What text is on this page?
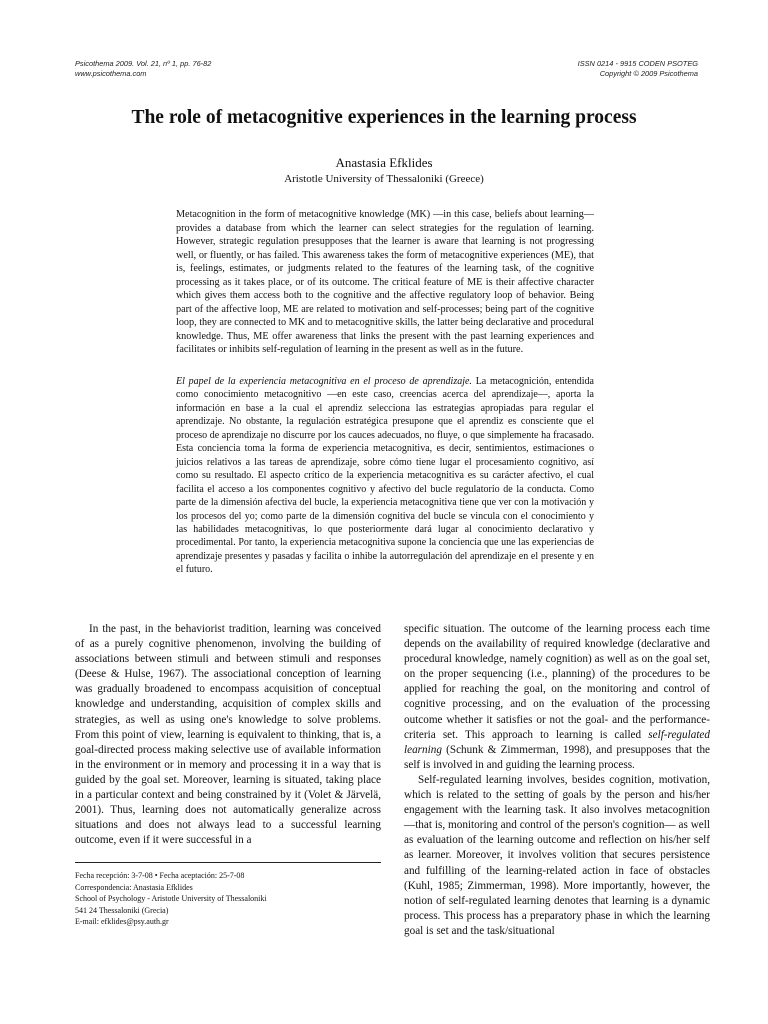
Psicothema 2009. Vol. 21, nº 1, pp. 76-82
www.psicothema.com
ISSN 0214 - 9915 CODEN PSOTEG
Copyright © 2009 Psicothema
The role of metacognitive experiences in the learning process

Anastasia Efklides

Aristotle University of Thessaloniki (Greece)

Metacognition in the form of metacognitive knowledge (MK) —in this case, beliefs about learning— provides a database from which the learner can select strategies for the regulation of learning. However, strategic regulation presupposes that the learner is aware that learning is not progressing well, or fluently, or has failed. This awareness takes the form of metacognitive experiences (ME), that is, feelings, estimates, or judgments related to the features of the learning task, of the cognitive processing as it takes place, or of its outcome. The critical feature of ME is their affective character which gives them access both to the cognitive and the affective regulatory loop of behavior. Being part of the affective loop, ME are related to motivation and self-processes; being part of the cognitive loop, they are connected to MK and to metacognitive skills, the latter being declarative and procedural knowledge. Thus, ME offer awareness that links the present with the past learning experiences and facilitates or inhibits self-regulation of learning in the present as well as in the future.

El papel de la experiencia metacognitiva en el proceso de aprendizaje. La metacognición, entendida como conocimiento metacognitivo —en este caso, creencias acerca del aprendizaje—, aporta la información en base a la cual el aprendiz selecciona las estrategias apropiadas para regular el aprendizaje. No obstante, la regulación estratégica presupone que el aprendiz es consciente que el proceso de aprendizaje no discurre por los cauces adecuados, no fluye, o que simplemente ha fracasado. Esta conciencia toma la forma de experiencia metacognitiva, es decir, sentimientos, estimaciones o juicios relativos a las tareas de aprendizaje, sobre cómo tiene lugar el procesamiento cognitivo, así como su resultado. El aspecto crítico de la experiencia metacognitiva es su carácter afectivo, el cual facilita el acceso a los componentes cognitivo y afectivo del bucle regulatorio de la conducta. Como parte de la dimensión afectiva del bucle, la experiencia metacognitiva tiene que ver con la motivación y los procesos del yo; como parte de la dimensión cognitiva del bucle se vincula con el conocimiento y las habilidades metacognitivas, lo que posteriormente dará lugar al conocimiento declarativo y procedimental. Por tanto, la experiencia metacognitiva supone la conciencia que une las experiencias de aprendizaje presentes y pasadas y facilita o inhibe la autorregulación del aprendizaje en el presente y en el futuro.

In the past, in the behaviorist tradition, learning was conceived of as a purely cognitive phenomenon, involving the building of associations between stimuli and between stimuli and responses (Deese & Hulse, 1967). The associational conception of learning was gradually broadened to encompass acquisition of conceptual knowledge and understanding, acquisition of complex skills and strategies, as well as using one's knowledge to solve problems. From this point of view, learning is equivalent to thinking, that is, a goal-directed process making selective use of available information in the environment or in memory and processing it in a way that is guided by the goal set. Moreover, learning is situated, taking place in a particular context and being constrained by it (Volet & Järvelä, 2001). Thus, learning does not automatically generalize across situations and does not always lead to a successful learning outcome, even if it were successful in a

Fecha recepción: 3-7-08 • Fecha aceptación: 25-7-08
Correspondencia: Anastasia Efklides
School of Psychology - Aristotle University of Thessaloniki
541 24 Thessaloniki (Grecia)
E-mail: efklides@psy.auth.gr

specific situation. The outcome of the learning process each time depends on the availability of required knowledge (declarative and procedural knowledge, namely cognition) as well as on the goal set, on the proper sequencing (i.e., planning) of the procedures to be applied for reaching the goal, on the monitoring and control of cognitive processing, and on the evaluation of the processing outcome whether it satisfies or not the goal- and the performance-criteria set. This approach to learning is called self-regulated learning (Schunk & Zimmerman, 1998), and presupposes that the self is involved in and guiding the learning process.

Self-regulated learning involves, besides cognition, motivation, which is related to the setting of goals by the person and his/her engagement with the learning task. It also involves metacognition —that is, monitoring and control of the person's cognition— as well as evaluation of the learning outcome and reflection on his/her self as learner. Moreover, it involves volition that secures persistence and fulfilling of the learning-related action in face of obstacles (Kuhl, 1985; Zimmerman, 1998). More importantly, however, the notion of self-regulated learning denotes that learning is a dynamic process. This process has a preparatory phase in which the learning goal is set and the task/situational
